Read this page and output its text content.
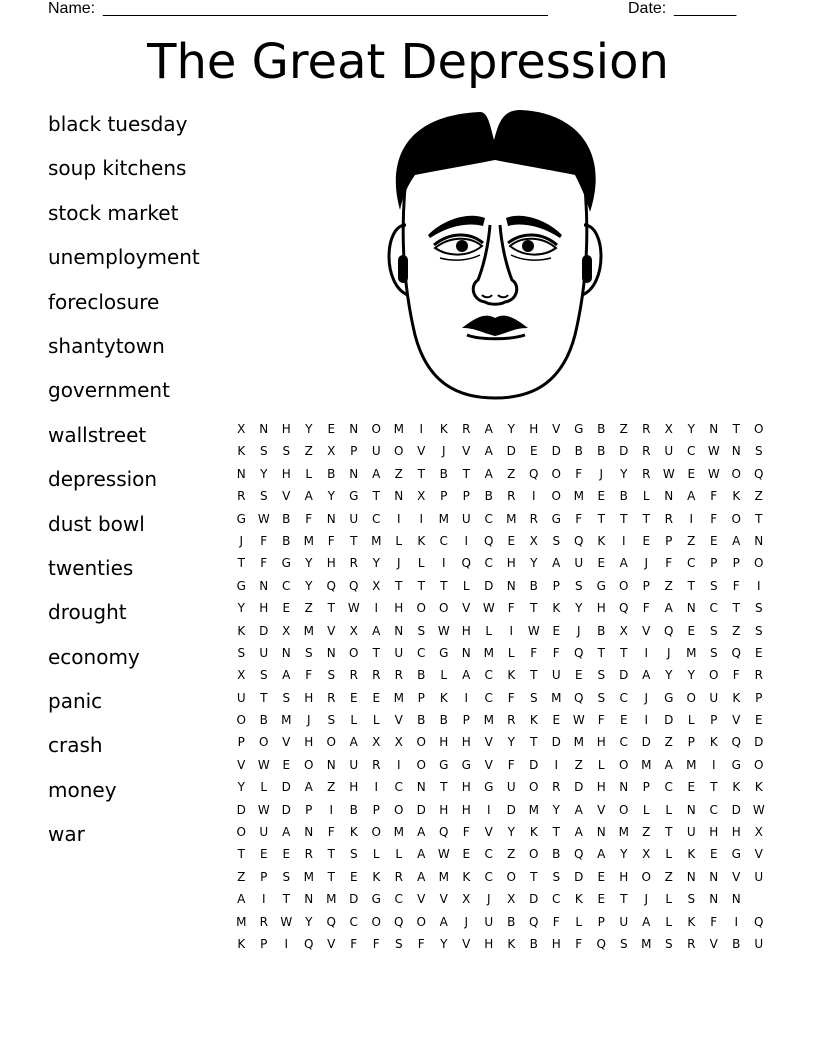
Name: __________________________________________________	Date: _______
The Great Depression
black tuesday
soup kitchens
stock market
unemployment
foreclosure
shantytown
government
wallstreet
depression
dust bowl
twenties
drought
economy
panic
crash
money
war
X	N	H	Y	E	N	O	M	I	K	R	A	Y	H	V	G	B	Z	R	X	Y	N	T	O
K	S	S	Z	X	P	U	O	V	J	V	A	D	E	D	B	B	D	R	U	C	W	N	S
N	Y	H	L	B	N	A	Z	T	B	T	A	Z	Q	O	F	J	Y	R	W	E	W O	Q
R	S	V	A	Y	G	T	N	X	P	P	B	R	I	O	M	E	B	L	N	A	F	K	Z
G W	B	F	N	U	C	I	I	M	U	C	M	R	G	F	T	T	T	R	I	F	O	T
J	F	B	M	F	T	M	L	K	C	I	Q	E	X	S	Q	K	I	E	P	Z	E	A	N
T	F	G	Y	H	R	Y	J	L	I	Q	C	H	Y	A	U	E	A	J	F	C	P	P	O
G	N	C	Y	Q	Q	X	T	T	T	L	D	N	B	P	S	G	O	P	Z	T	S	F	I
Y	H	E	Z	T	W	I	H	O	O	V	W	F	T	K	Y	H	Q	F	A	N	C	T	S
K	D	X	M	V	X	A	N	S	W	H	L	I	W	E	J	B	X	V	Q	E	S	Z	S
S	U	N	S	N	O	T	U	C	G	N	M	L	F	F	Q	T	T	I	J	M	S	Q	E
X	S	A	F	S	R	R	R	B	L	A	C	K	T	U	E	S	D	A	Y	Y	O	F	R
U	T	S	H	R	E	E	M	P	K	I	C	F	S	M	Q	S	C	J	G	O	U	K	P
O	B	M	J	S	L	L	V	B	B	P	M	R	K	E	W	F	E	I	D	L	P	V	E
P	O	V	H	O	A	X	X	O	H	H	V	Y	T	D	M	H	C	D	Z	P	K	Q	D
V	W	E	O	N	U	R	I	O	G	G	V	F	D	I	Z	L	O	M	A	M	I	G	O
Y	L	D	A	Z	H	I	C	N	T	H	G	U	O	R	D	H	N	P	C	E	T	K	K
D W D	P	I	B	P	O	D	H	H	I	D	M	Y	A	V	O	L	L	N	C	D W
O	U	A	N	F	K	O	M	A	Q	F	V	Y	K	T	A	N	M	Z	T	U	H	H	X
T	E	E	R	T	S	L	L	A	W	E	C	Z	O	B	Q	A	Y	X	L	K	E	G	V
Z	P	S	M	T	E	K	R	A	M	K	C	O	T	S	D	E	H	O	Z	N	N	V	U
A	I	T	N	M	D	G	C	V	V	X	J	X	D	C	K	E	T	J	L	S	N	N
M	R	W	Y	Q	C	O	Q	O	A	J	U	B	Q	F	L	P	U	A	L	K	F	I	Q
K	P	I	Q	V	F	F	S	F	Y	V	H	K	B	H	F	Q	S	M	S	R	V	B	U
